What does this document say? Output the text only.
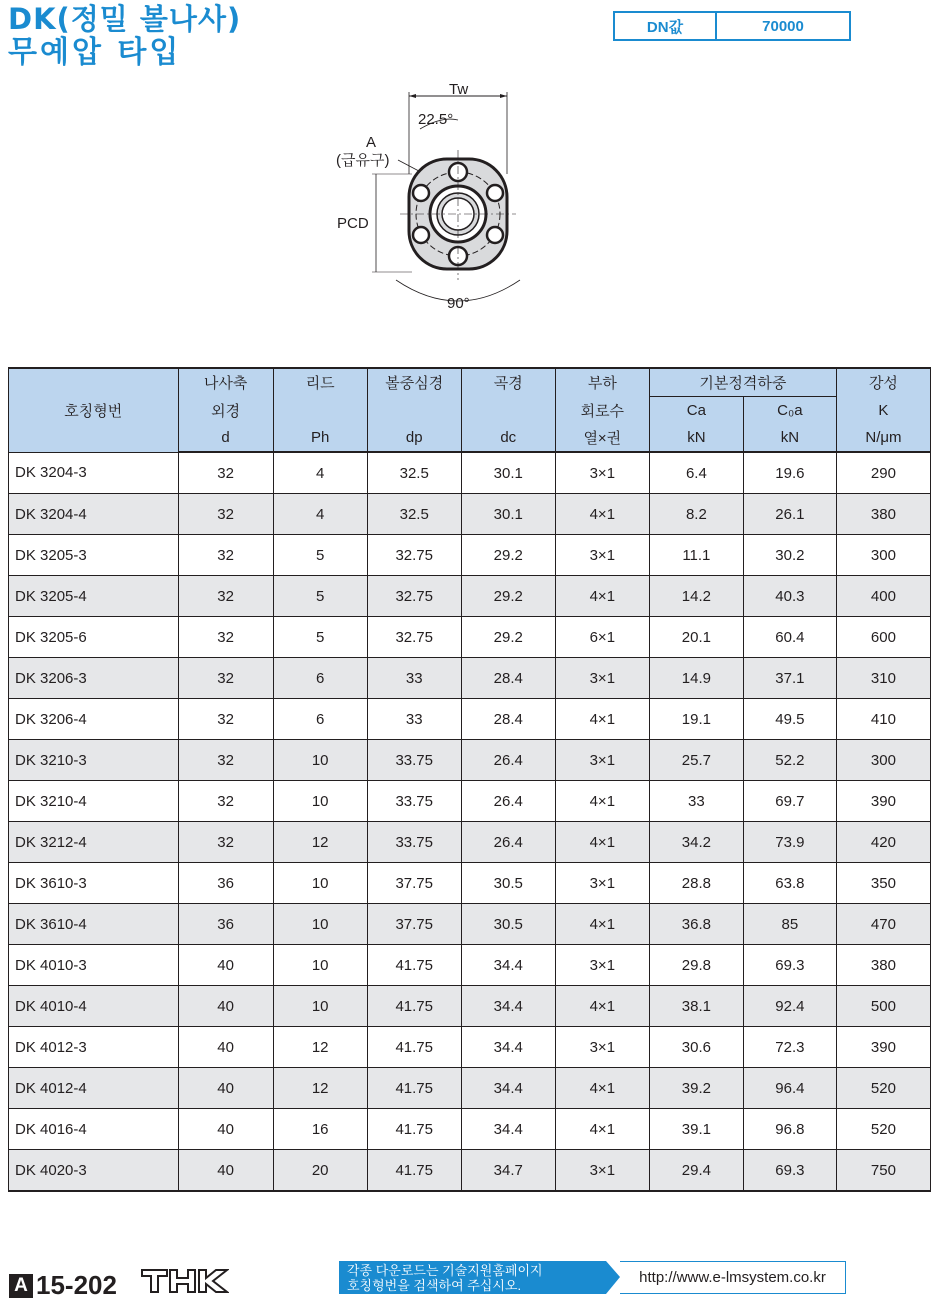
DK(정밀 볼나사)
무예압 타입
DN값	70000
Tw
22.5°
A
(급유구)
PCD
90°
호칭형번	나사축	리드	볼중심경	곡경	부하	기본정격하중		강성
	외경				회로수	Ca	C₀a	K
	d	Ph	dp	dc	열×권	kN	kN	N/μm
DK 3204-3	32	4	32.5	30.1	3×1	6.4	19.6	290
DK 3204-4	32	4	32.5	30.1	4×1	8.2	26.1	380
DK 3205-3	32	5	32.75	29.2	3×1	11.1	30.2	300
DK 3205-4	32	5	32.75	29.2	4×1	14.2	40.3	400
DK 3205-6	32	5	32.75	29.2	6×1	20.1	60.4	600
DK 3206-3	32	6	33	28.4	3×1	14.9	37.1	310
DK 3206-4	32	6	33	28.4	4×1	19.1	49.5	410
DK 3210-3	32	10	33.75	26.4	3×1	25.7	52.2	300
DK 3210-4	32	10	33.75	26.4	4×1	33	69.7	390
DK 3212-4	32	12	33.75	26.4	4×1	34.2	73.9	420
DK 3610-3	36	10	37.75	30.5	3×1	28.8	63.8	350
DK 3610-4	36	10	37.75	30.5	4×1	36.8	85	470
DK 4010-3	40	10	41.75	34.4	3×1	29.8	69.3	380
DK 4010-4	40	10	41.75	34.4	4×1	38.1	92.4	500
DK 4012-3	40	12	41.75	34.4	3×1	30.6	72.3	390
DK 4012-4	40	12	41.75	34.4	4×1	39.2	96.4	520
DK 4016-4	40	16	41.75	34.4	4×1	39.1	96.8	520
DK 4020-3	40	20	41.75	34.7	3×1	29.4	69.3	750
A 15-202	각종 다운로드는 기술지원홈페이지
호칭형번을 검색하여 주십시오.	http://www.e-lmsystem.co.kr
